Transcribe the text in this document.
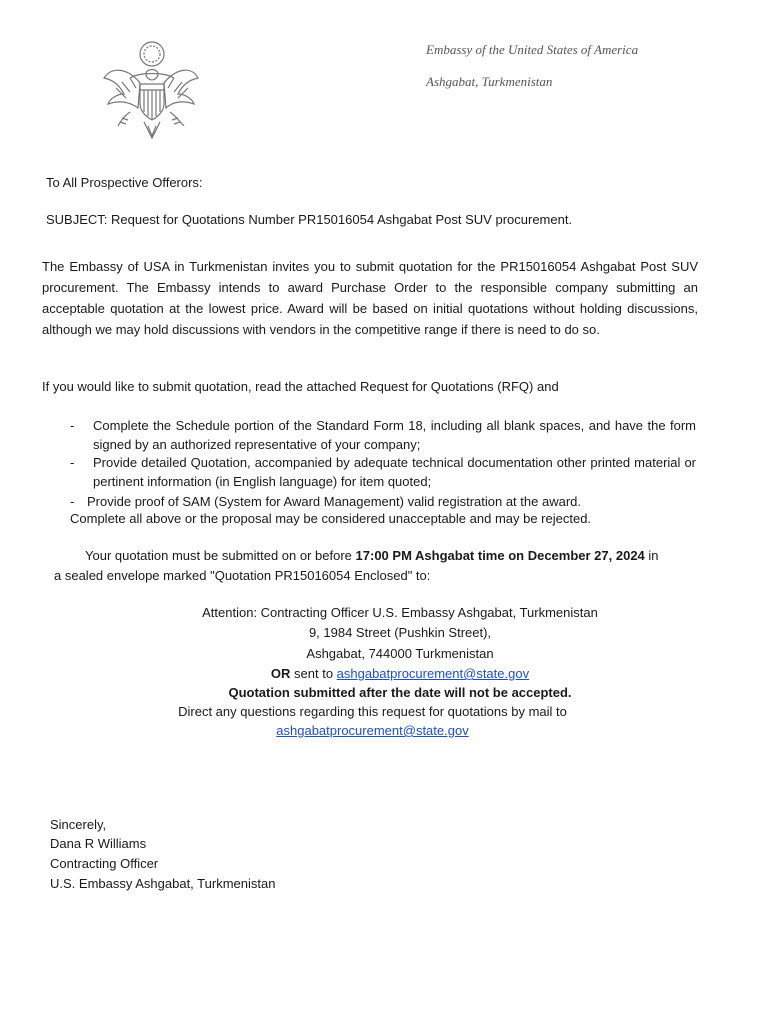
Embassy of the United States of America
Ashgabat, Turkmenistan
To All Prospective Offerors:
SUBJECT: Request for Quotations Number PR15016054 Ashgabat Post SUV procurement.
The Embassy of USA in Turkmenistan invites you to submit quotation for the PR15016054 Ashgabat Post SUV procurement. The Embassy intends to award Purchase Order to the responsible company submitting an acceptable quotation at the lowest price. Award will be based on initial quotations without holding discussions, although we may hold discussions with vendors in the competitive range if there is need to do so.
If you would like to submit quotation, read the attached Request for Quotations (RFQ) and
- Complete the Schedule portion of the Standard Form 18, including all blank spaces, and have the form signed by an authorized representative of your company;
- Provide detailed Quotation, accompanied by adequate technical documentation other printed material or pertinent information (in English language) for item quoted;
- Provide proof of SAM (System for Award Management) valid registration at the award.
Complete all above or the proposal may be considered unacceptable and may be rejected.
Your quotation must be submitted on or before 17:00 PM Ashgabat time on December 27, 2024 in
a sealed envelope marked "Quotation PR15016054 Enclosed" to:
Attention: Contracting Officer U.S. Embassy Ashgabat, Turkmenistan
9, 1984 Street (Pushkin Street),
Ashgabat, 744000 Turkmenistan
OR sent to ashgabatprocurement@state.gov
Quotation submitted after the date will not be accepted.
Direct any questions regarding this request for quotations by mail to
ashgabatprocurement@state.gov
Sincerely,
Dana R Williams
Contracting Officer
U.S. Embassy Ashgabat, Turkmenistan
